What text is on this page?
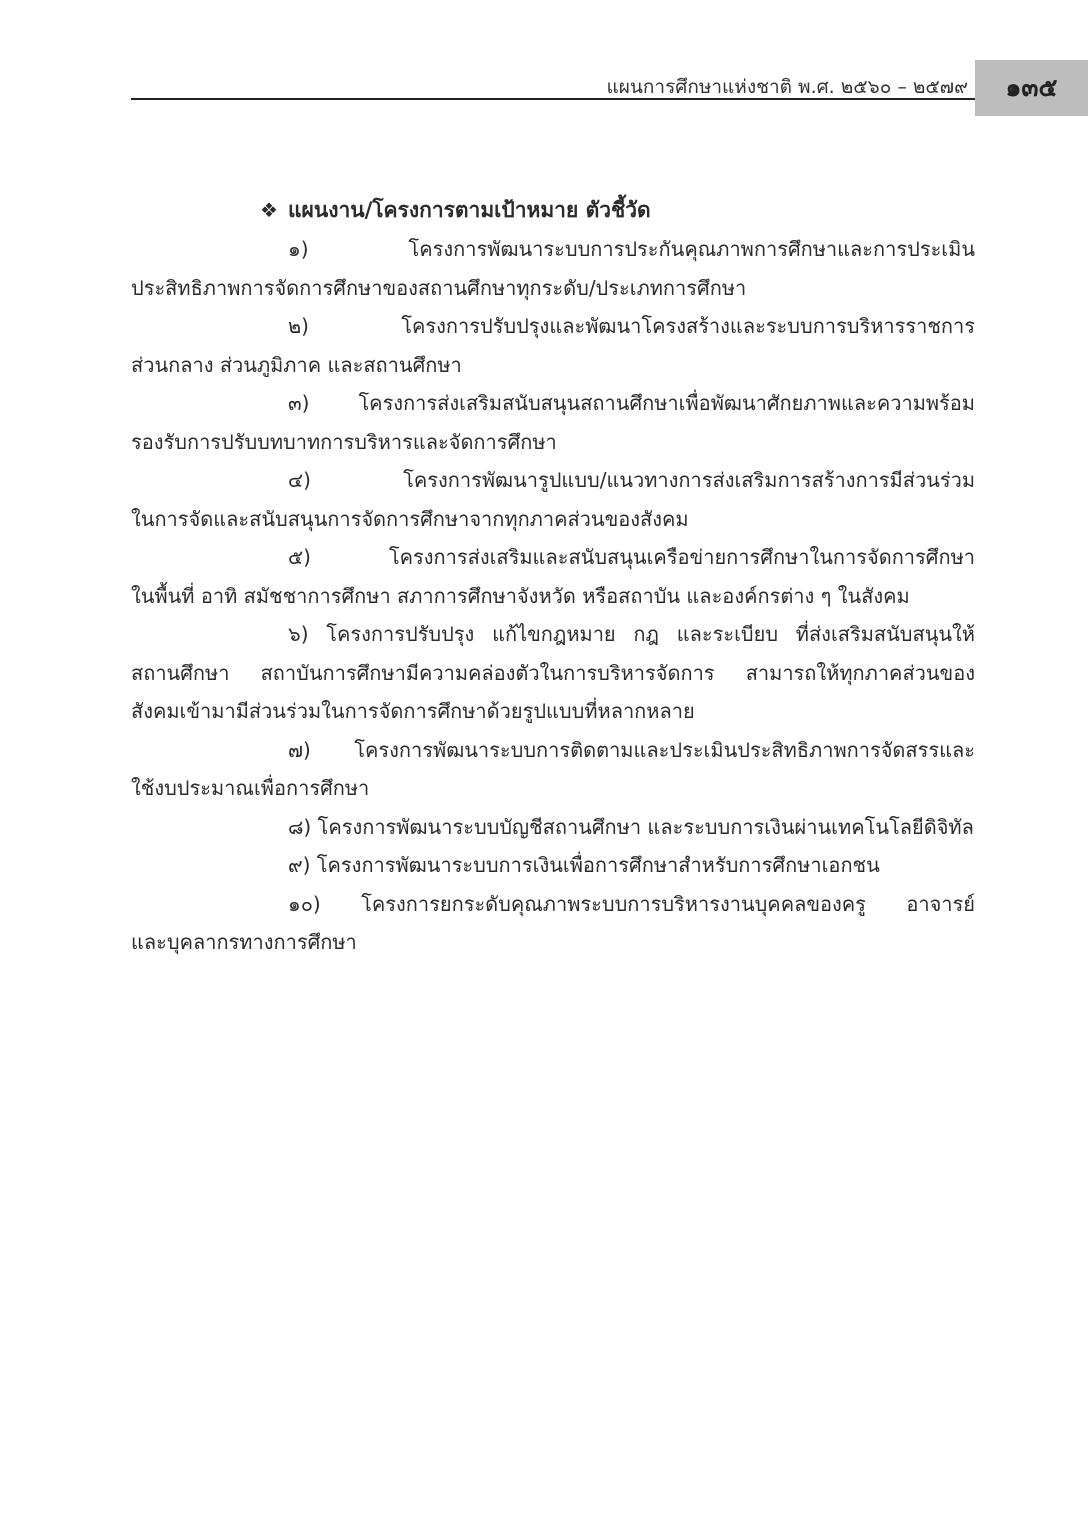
แผนการศึกษาแห่งชาติ พ.ศ. ๒๕๖๐ – ๒๕๗๙	๑๓๕
❖ แผนงาน/โครงการตามเป้าหมาย ตัวชี้วัด
๑) โครงการพัฒนาระบบการประกันคุณภาพการศึกษาและการประเมิน
ประสิทธิภาพการจัดการศึกษาของสถานศึกษาทุกระดับ/ประเภทการศึกษา
๒) โครงการปรับปรุงและพัฒนาโครงสร้างและระบบการบริหารราชการ
ส่วนกลาง ส่วนภูมิภาค และสถานศึกษา
๓) โครงการส่งเสริมสนับสนุนสถานศึกษาเพื่อพัฒนาศักยภาพและความพร้อม
รองรับการปรับบทบาทการบริหารและจัดการศึกษา
๔) โครงการพัฒนารูปแบบ/แนวทางการส่งเสริมการสร้างการมีส่วนร่วม
ในการจัดและสนับสนุนการจัดการศึกษาจากทุกภาคส่วนของสังคม
๕) โครงการส่งเสริมและสนับสนุนเครือข่ายการศึกษาในการจัดการศึกษา
ในพื้นที่ อาทิ สมัชชาการศึกษา สภาการศึกษาจังหวัด หรือสถาบัน และองค์กรต่าง ๆ ในสังคม
๖) โครงการปรับปรุง แก้ไขกฎหมาย กฎ และระเบียบ ที่ส่งเสริมสนับสนุนให้
สถานศึกษา สถาบันการศึกษามีความคล่องตัวในการบริหารจัดการ สามารถให้ทุกภาคส่วนของ
สังคมเข้ามามีส่วนร่วมในการจัดการศึกษาด้วยรูปแบบที่หลากหลาย
๗) โครงการพัฒนาระบบการติดตามและประเมินประสิทธิภาพการจัดสรรและ
ใช้งบประมาณเพื่อการศึกษา
๘) โครงการพัฒนาระบบบัญชีสถานศึกษา และระบบการเงินผ่านเทคโนโลยีดิจิทัล
๙) โครงการพัฒนาระบบการเงินเพื่อการศึกษาสำหรับการศึกษาเอกชน
๑๐) โครงการยกระดับคุณภาพระบบการบริหารงานบุคคลของครู อาจารย์
และบุคลากรทางการศึกษา
